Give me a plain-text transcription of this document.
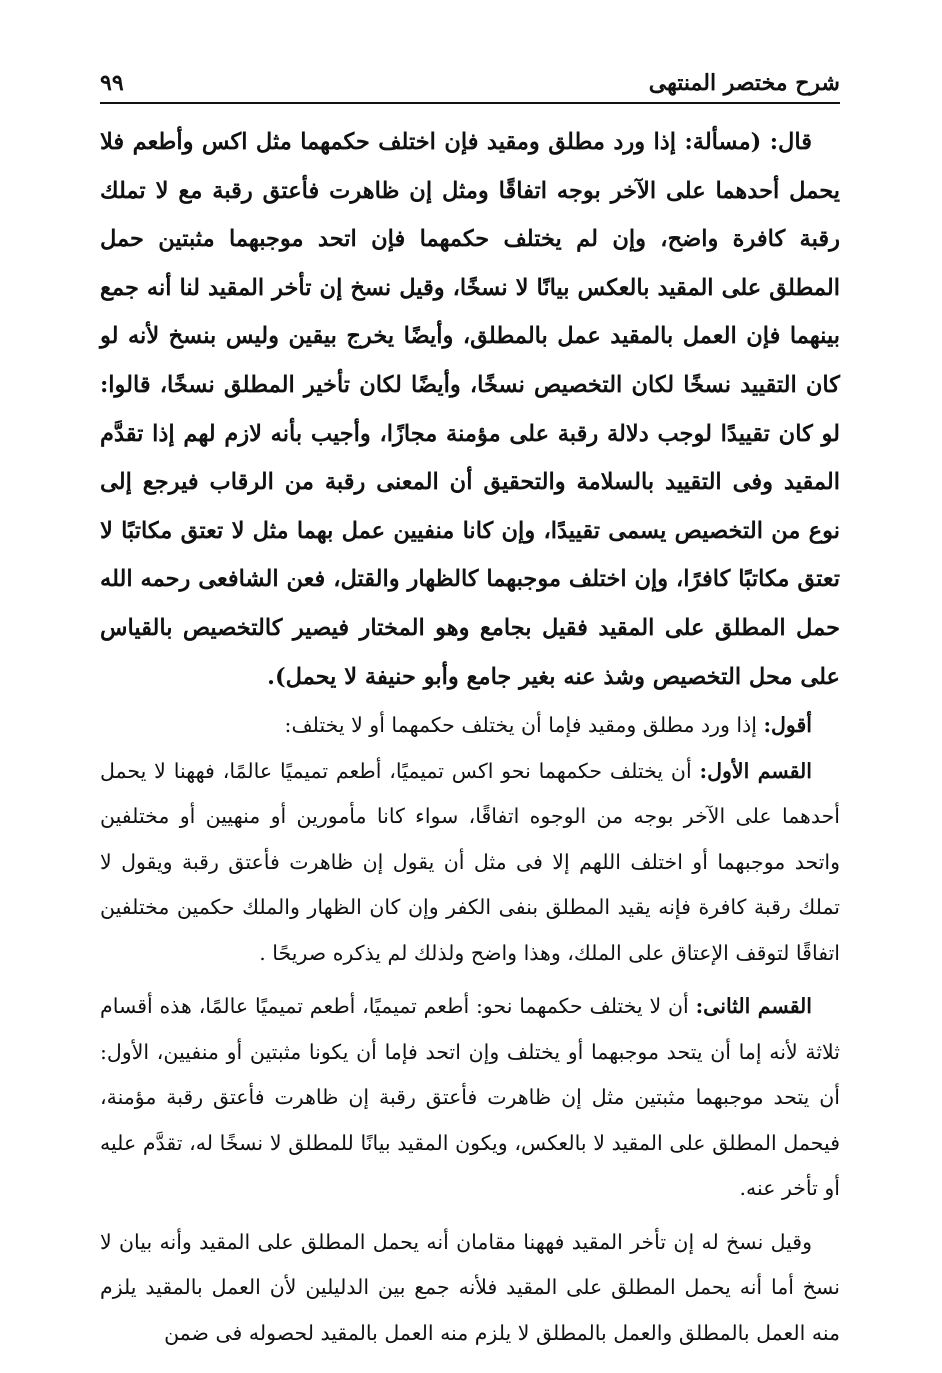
شرح مختصر المنتهى
٩٩

قال: (مسألة: إذا ورد مطلق ومقيد فإن اختلف حكمهما مثل اكس وأطعم فلا يحمل أحدهما على الآخر بوجه اتفاقًا ومثل إن ظاهرت فأعتق رقبة مع لا تملك رقبة كافرة واضح، وإن لم يختلف حكمهما فإن اتحد موجبهما مثبتين حمل المطلق على المقيد بالعكس بيانًا لا نسخًا، وقيل نسخ إن تأخر المقيد لنا أنه جمع بينهما فإن العمل بالمقيد عمل بالمطلق، وأيضًا يخرج بيقين وليس بنسخ لأنه لو كان التقييد نسخًا لكان التخصيص نسخًا، وأيضًا لكان تأخير المطلق نسخًا، قالوا: لو كان تقييدًا لوجب دلالة رقبة على مؤمنة مجازًا، وأجيب بأنه لازم لهم إذا تقدَّم المقيد وفى التقييد بالسلامة والتحقيق أن المعنى رقبة من الرقاب فيرجع إلى نوع من التخصيص يسمى تقييدًا، وإن كانا منفيين عمل بهما مثل لا تعتق مكاتبًا لا تعتق مكاتبًا كافرًا، وإن اختلف موجبهما كالظهار والقتل، فعن الشافعى رحمه الله حمل المطلق على المقيد فقيل بجامع وهو المختار فيصير كالتخصيص بالقياس على محل التخصيص وشذ عنه بغير جامع وأبو حنيفة لا يحمل).

أقول: إذا ورد مطلق ومقيد فإما أن يختلف حكمهما أو لا يختلف:

القسم الأول: أن يختلف حكمهما نحو اكس تميميًا، أطعم تميميًا عالمًا، فههنا لا يحمل أحدهما على الآخر بوجه من الوجوه اتفاقًا، سواء كانا مأمورين أو منهيين أو مختلفين واتحد موجبهما أو اختلف اللهم إلا فى مثل أن يقول إن ظاهرت فأعتق رقبة ويقول لا تملك رقبة كافرة فإنه يقيد المطلق بنفى الكفر وإن كان الظهار والملك حكمين مختلفين اتفاقًا لتوقف الإعتاق على الملك، وهذا واضح ولذلك لم يذكره صريحًا .

القسم الثانى: أن لا يختلف حكمهما نحو: أطعم تميميًا، أطعم تميميًا عالمًا، هذه أقسام ثلاثة لأنه إما أن يتحد موجبهما أو يختلف وإن اتحد فإما أن يكونا مثبتين أو منفيين، الأول: أن يتحد موجبهما مثبتين مثل إن ظاهرت فأعتق رقبة إن ظاهرت فأعتق رقبة مؤمنة، فيحمل المطلق على المقيد لا بالعكس، ويكون المقيد بيانًا للمطلق لا نسخًا له، تقدَّم عليه أو تأخر عنه.

وقيل نسخ له إن تأخر المقيد فههنا مقامان أنه يحمل المطلق على المقيد وأنه بيان لا نسخ أما أنه يحمل المطلق على المقيد فلأنه جمع بين الدليلين لأن العمل بالمقيد يلزم منه العمل بالمطلق والعمل بالمطلق لا يلزم منه العمل بالمقيد لحصوله فى ضمن
